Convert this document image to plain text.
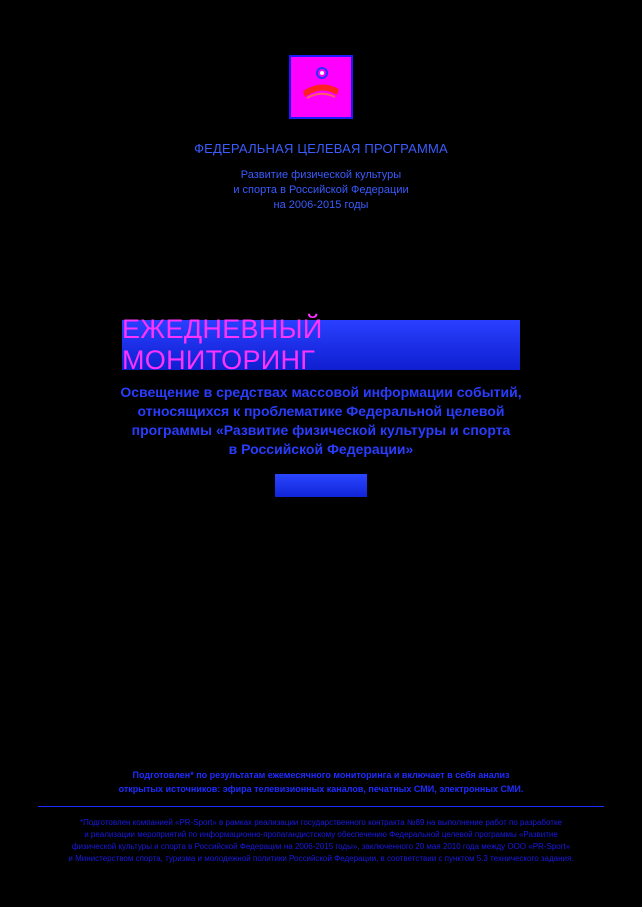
ФЕДЕРАЛЬНАЯ ЦЕЛЕВАЯ ПРОГРАММА
Развитие физической культуры
и спорта в Российской Федерации
на 2006-2015 годы
ЕЖЕДНЕВНЫЙ МОНИТОРИНГ
Освещение в средствах массовой информации событий,
относящихся к проблематике Федеральной целевой
программы «Развитие физической культуры и спорта
в Российской Федерации»
Подготовлен* по результатам ежемесячного мониторинга и включает в себя анализ
открытых источников: эфира телевизионных каналов, печатных СМИ, электронных СМИ.
*Подготовлен компанией «PR-Sport» в рамках реализации государственного контракта №89 на выполнение работ по разработке
и реализации мероприятий по информационно-пропагандистскому обеспечению Федеральной целевой программы «Развитие
физической культуры и спорта в Российской Федерации на 2006-2015 годы», заключенного 20 мая 2010 года между ООО «PR-Sport»
и Министерством спорта, туризма и молодежной политики Российской Федерации, в соответствии с пунктом 5.3 технического задания.
